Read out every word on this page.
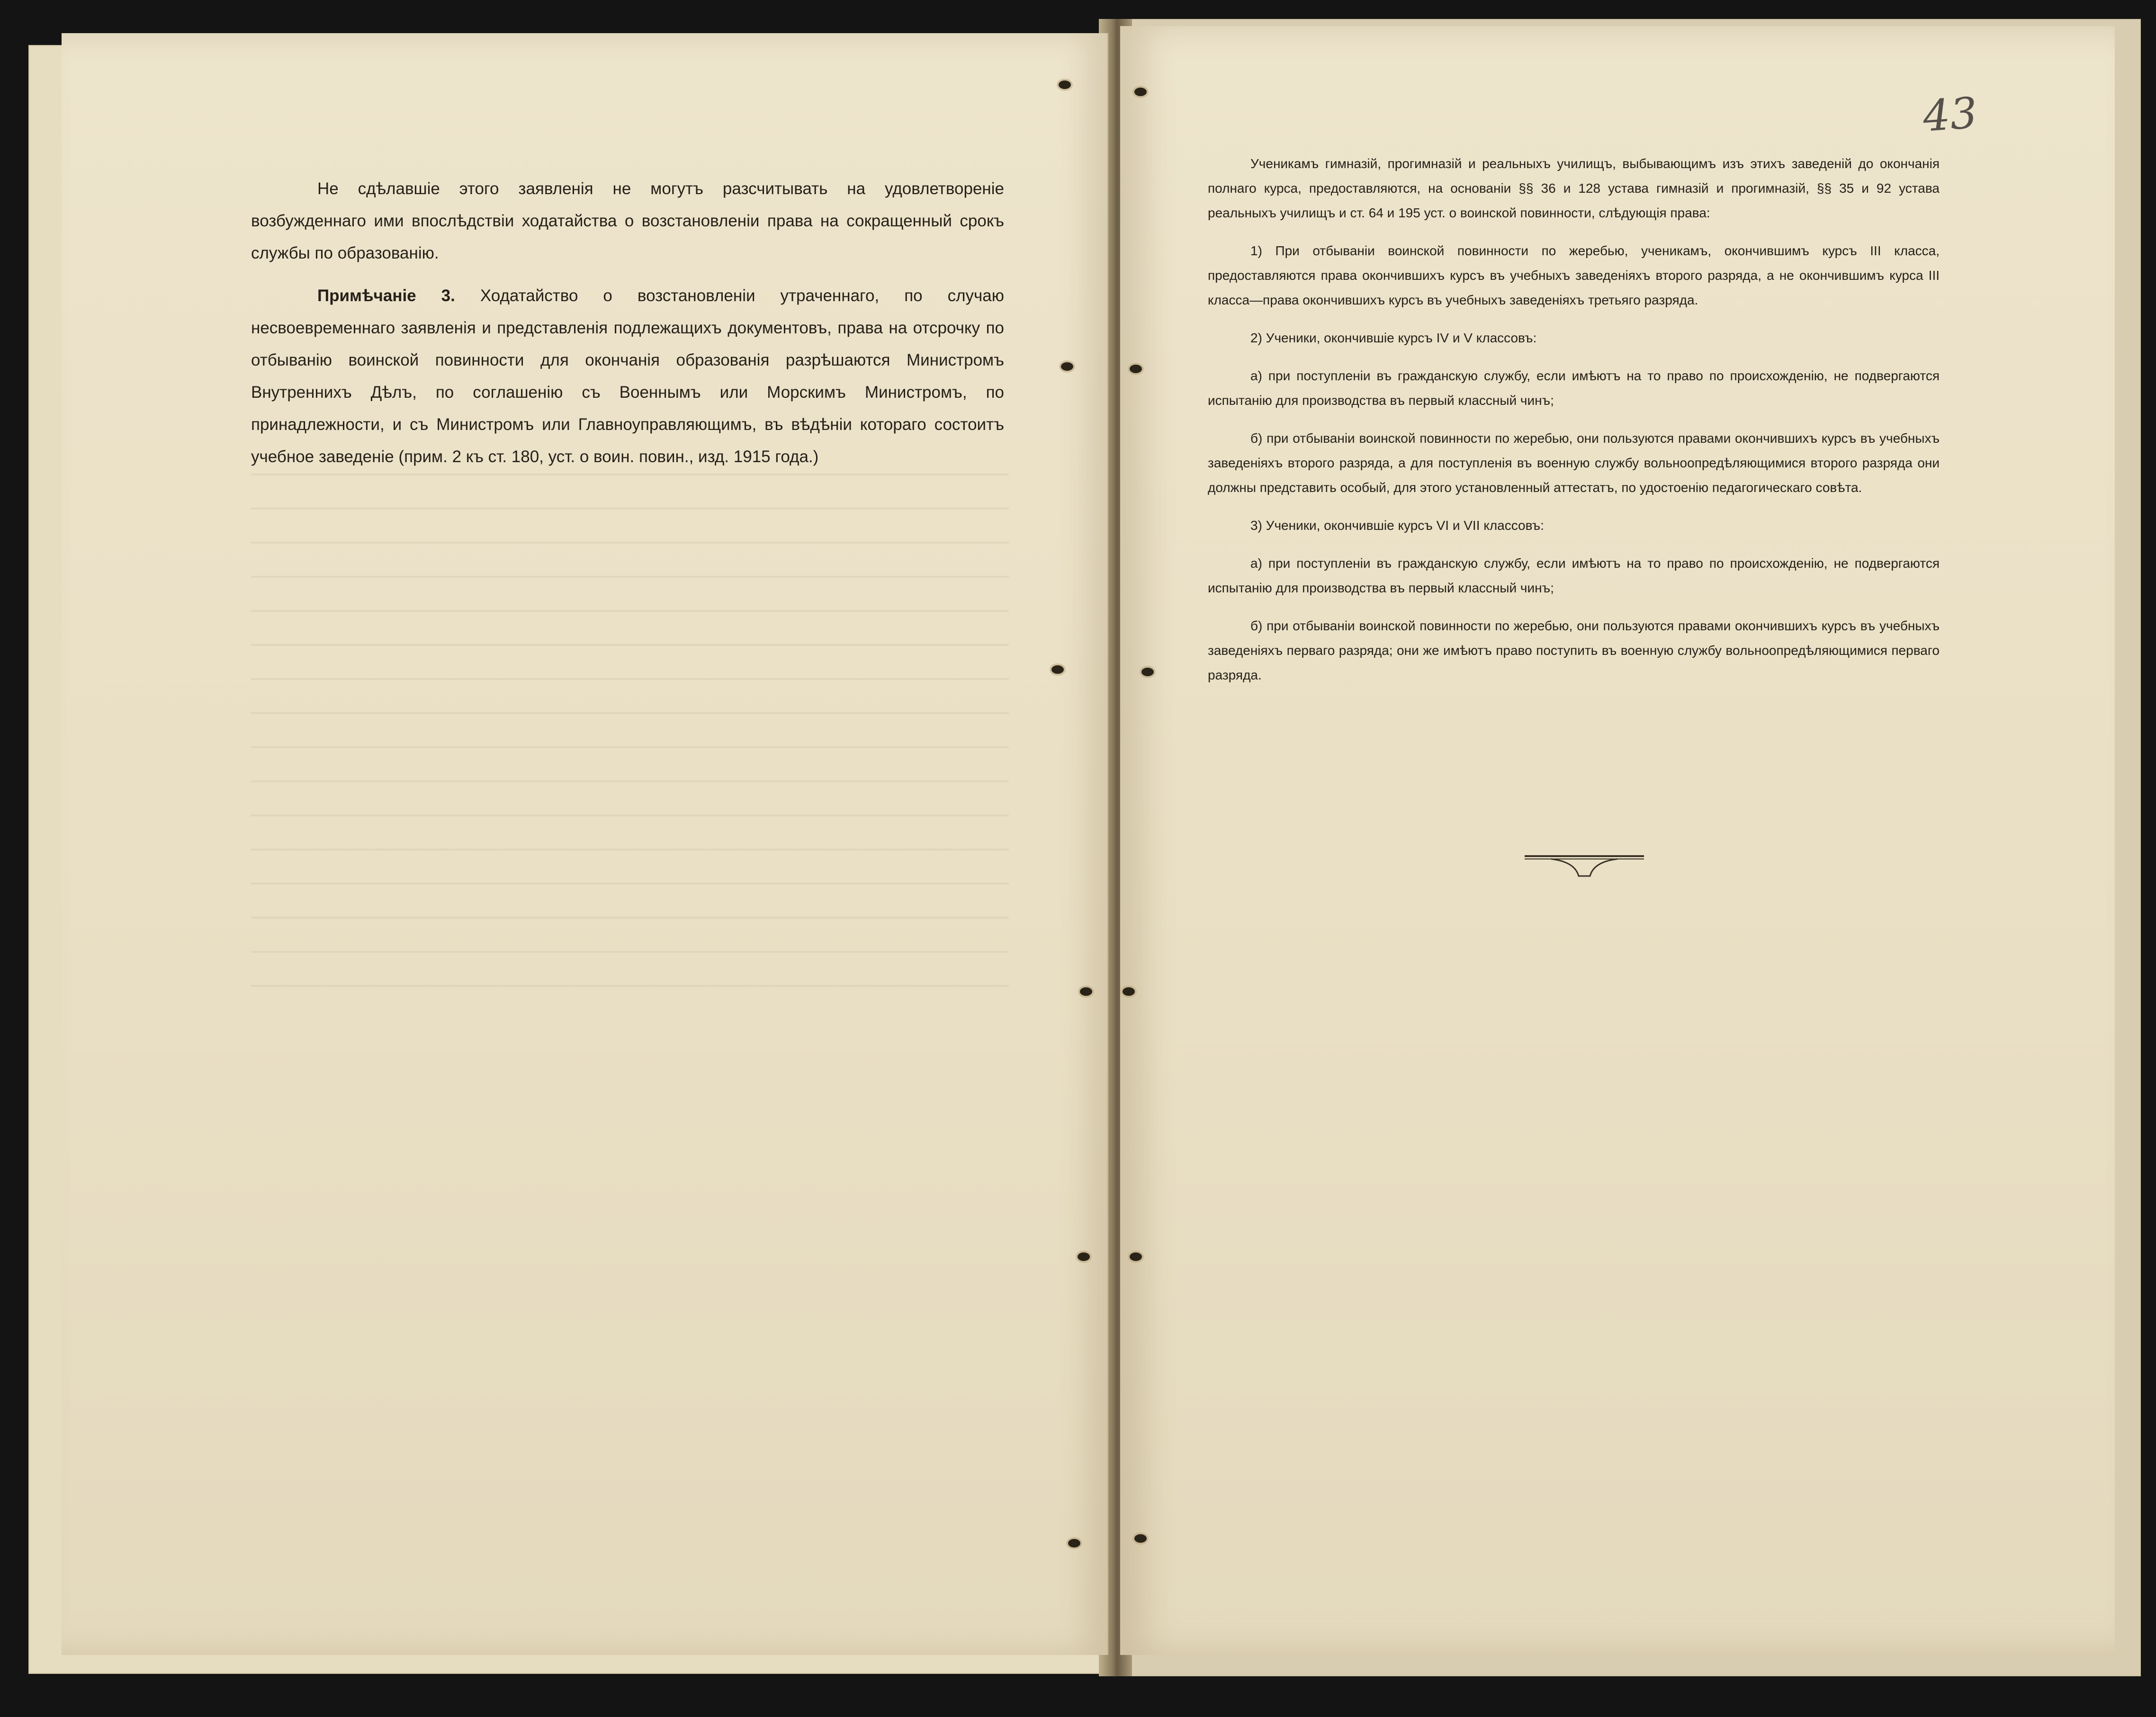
Не сдѣлавшіе этого заявленія не могутъ разсчитывать на удовлетвореніе возбужденнаго ими впослѣдствіи ходатайства о возстановленіи права на сокращенный срокъ службы по образованію.

Примѣчаніе 3. Ходатайство о возстановленіи утраченнаго, по случаю несвоевременнаго заявленія и представленія подлежащихъ документовъ, права на отсрочку по отбыванію воинской повинности для окончанія образованія разрѣшаются Министромъ Внутреннихъ Дѣлъ, по соглашенію съ Военнымъ или Морскимъ Министромъ, по принадлежности, и съ Министромъ или Главноуправляющимъ, въ вѣдѣніи котораго состоитъ учебное заведеніе (прим. 2 къ ст. 180, уст. о воин. повин., изд. 1915 года.)

43

Ученикамъ гимназій, прогимназій и реальныхъ училищъ, выбывающимъ изъ этихъ заведеній до окончанія полнаго курса, предоставляются, на основаніи §§ 36 и 128 устава гимназій и прогимназій, §§ 35 и 92 устава реальныхъ училищъ и ст. 64 и 195 уст. о воинской повинности, слѣдующія права:

1) При отбываніи воинской повинности по жеребью, ученикамъ, окончившимъ курсъ III класса, предоставляются права окончившихъ курсъ въ учебныхъ заведеніяхъ второго разряда, а не окончившимъ курса III класса—права окончившихъ курсъ въ учебныхъ заведеніяхъ третьяго разряда.

2) Ученики, окончившіе курсъ IV и V классовъ:

а) при поступленіи въ гражданскую службу, если имѣютъ на то право по происхожденію, не подвергаются испытанію для производства въ первый классный чинъ;

б) при отбываніи воинской повинности по жеребью, они пользуются правами окончившихъ курсъ въ учебныхъ заведеніяхъ второго разряда, а для поступленія въ военную службу вольноопредѣляющимися второго разряда они должны представить особый, для этого установленный аттестатъ, по удостоенію педагогическаго совѣта.

3) Ученики, окончившіе курсъ VI и VII классовъ:

а) при поступленіи въ гражданскую службу, если имѣютъ на то право по происхожденію, не подвергаются испытанію для производства въ первый классный чинъ;

б) при отбываніи воинской повинности по жеребью, они пользуются правами окончившихъ курсъ въ учебныхъ заведеніяхъ перваго разряда; они же имѣютъ право поступить въ военную службу вольноопредѣляющимися перваго разряда.
